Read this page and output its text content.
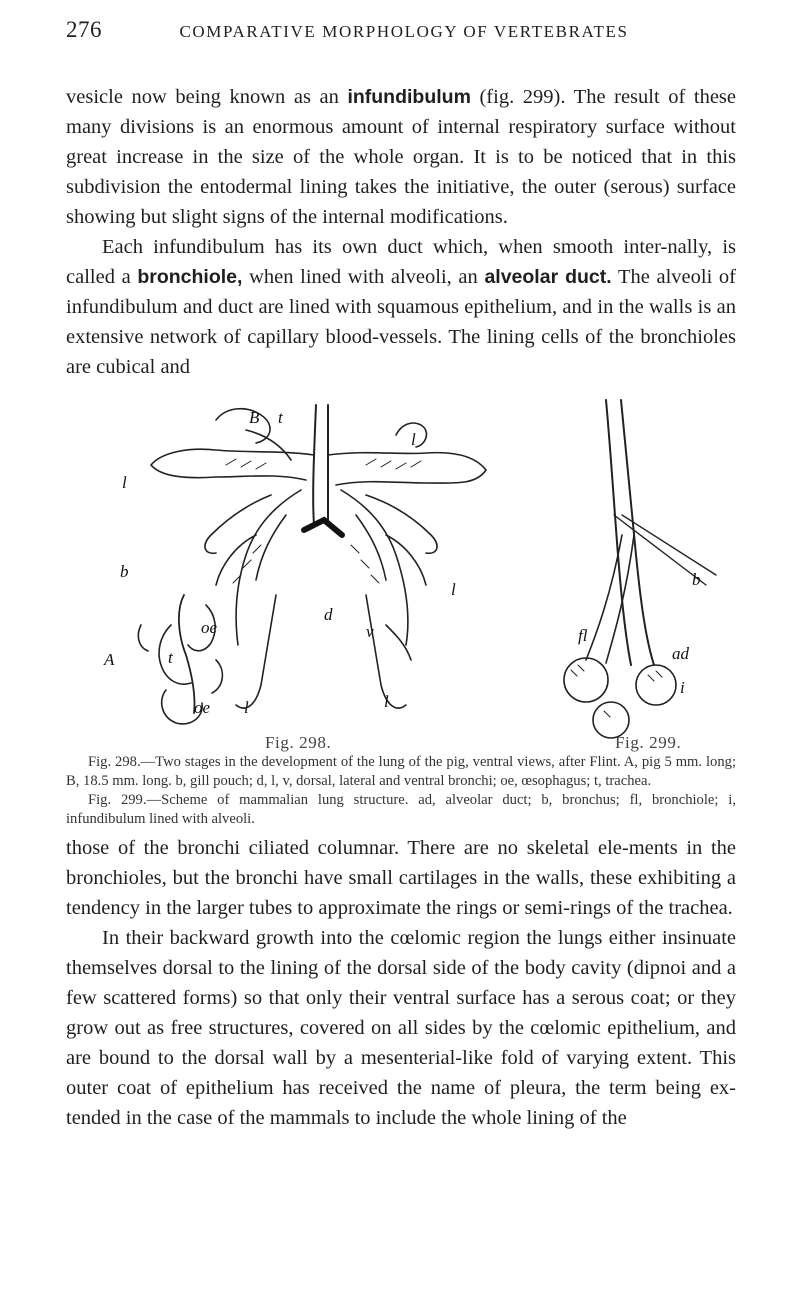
276	COMPARATIVE MORPHOLOGY OF VERTEBRATES

vesicle now being known as an infundibulum (fig. 299). The result of these many divisions is an enormous amount of internal respiratory surface without great increase in the size of the whole organ. It is to be noticed that in this subdivision the entodermal lining takes the initiative, the outer (serous) surface showing but slight signs of the internal modifications.

Each infundibulum has its own duct which, when smooth inter-nally, is called a bronchiole, when lined with alveoli, an alveolar duct. The alveoli of infundibulum and duct are lined with squamous epithelium, and in the walls is an extensive network of capillary blood-vessels. The lining cells of the bronchioles are cubical and

B t
l
l
b
oe
A	t
d
v
l
oe l	l
b
fl
ad
i
Fig. 298.	Fig. 299.

Fig. 298.—Two stages in the development of the lung of the pig, ventral views, after Flint. A, pig 5 mm. long; B, 18.5 mm. long. b, gill pouch; d, l, v, dorsal, lateral and ventral bronchi; oe, œsophagus; t, trachea.

Fig. 299.—Scheme of mammalian lung structure. ad, alveolar duct; b, bronchus; fl, bronchiole; i, infundibulum lined with alveoli.

those of the bronchi ciliated columnar. There are no skeletal ele-ments in the bronchioles, but the bronchi have small cartilages in the walls, these exhibiting a tendency in the larger tubes to approximate the rings or semi-rings of the trachea.

In their backward growth into the cœlomic region the lungs either insinuate themselves dorsal to the lining of the dorsal side of the body cavity (dipnoi and a few scattered forms) so that only their ventral surface has a serous coat; or they grow out as free structures, covered on all sides by the cœlomic epithelium, and are bound to the dorsal wall by a mesenterial-like fold of varying extent. This outer coat of epithelium has received the name of pleura, the term being ex-tended in the case of the mammals to include the whole lining of the
